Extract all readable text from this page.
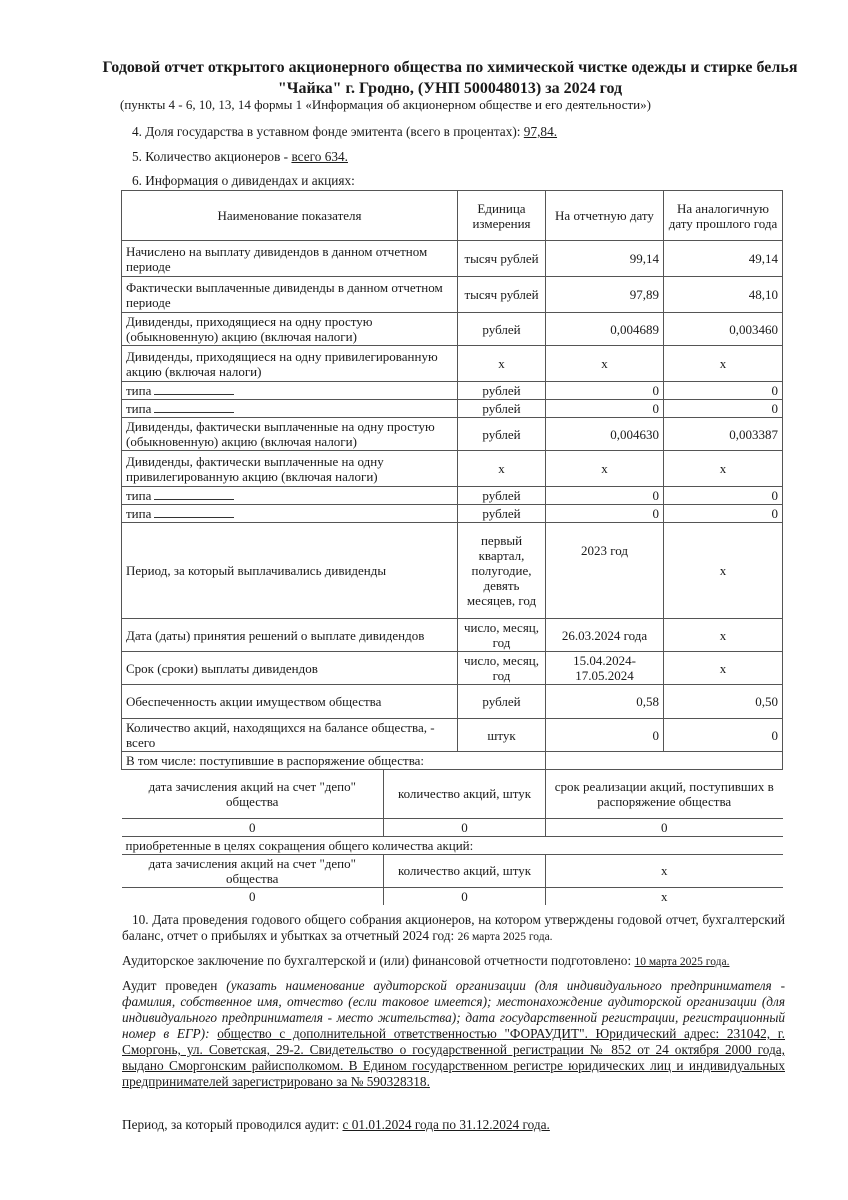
Годовой отчет открытого акционерного общества по химической чистке одежды и стирке белья "Чайка" г. Гродно, (УНП 500048013) за 2024 год
(пункты 4 - 6, 10, 13, 14 формы 1 «Информация об акционерном обществе и его деятельности»)
4. Доля государства в уставном фонде эмитента (всего в процентах): 97,84.
5. Количество акционеров - всего 634.
6. Информация о дивидендах и акциях:
Наименование показателя	Единица измерения	На отчетную дату	На аналогичную дату прошлого года
Начислено на выплату дивидендов в данном отчетном периоде	тысяч рублей	99,14	49,14
Фактически выплаченные дивиденды в данном отчетном периоде	тысяч рублей	97,89	48,10
Дивиденды, приходящиеся на одну простую (обыкновенную) акцию (включая налоги)	рублей	0,004689	0,003460
Дивиденды, приходящиеся на одну привилегированную акцию (включая налоги)	x	x	x
типа	рублей	0	0
типа	рублей	0	0
Дивиденды, фактически выплаченные на одну простую (обыкновенную) акцию (включая налоги)	рублей	0,004630	0,003387
Дивиденды, фактически выплаченные на одну привилегированную акцию (включая налоги)	x	x	x
типа	рублей	0	0
типа	рублей	0	0
Период, за который выплачивались дивиденды	первый квартал, полугодие, девять месяцев, год	2023 год	x
Дата (даты) принятия решений о выплате дивидендов	число, месяц, год	26.03.2024 года	x
Срок (сроки) выплаты дивидендов	число, месяц, год	15.04.2024-17.05.2024	x
Обеспеченность акции имуществом общества	рублей	0,58	0,50
Количество акций, находящихся на балансе общества, - всего	штук	0	0
В том числе: поступившие в распоряжение общества:	

дата зачисления акций на счет "депо" общества	количество акций, штук	срок реализации акций, поступивших в распоряжение общества
0	0	0
приобретенные в целях сокращения общего количества акций:
дата зачисления акций на счет "депо" общества	количество акций, штук	x
0	0	x
10. Дата проведения годового общего собрания акционеров, на котором утверждены годовой отчет, бухгалтерский баланс, отчет о прибылях и убытках за отчетный 2024 год: 26 марта 2025 года.
Аудиторское заключение по бухгалтерской и (или) финансовой отчетности подготовлено: 10 марта 2025 года.
Аудит проведен (указать наименование аудиторской организации (для индивидуального предпринимателя - фамилия, собственное имя, отчество (если таковое имеется); местонахождение аудиторской организации (для индивидуального предпринимателя - место жительства); дата государственной регистрации, регистрационный номер в ЕГР): общество с дополнительной ответственностью "ФОРАУДИТ". Юридический адрес: 231042, г. Сморгонь, ул. Советская, 29-2. Свидетельство о государственной регистрации № 852 от 24 октября 2000 года, выдано Сморгонским райисполкомом. В Едином государственном регистре юридических лиц и индивидуальных предпринимателей зарегистрировано за № 590328318.
Период, за который проводился аудит: с 01.01.2024 года по 31.12.2024 года.
